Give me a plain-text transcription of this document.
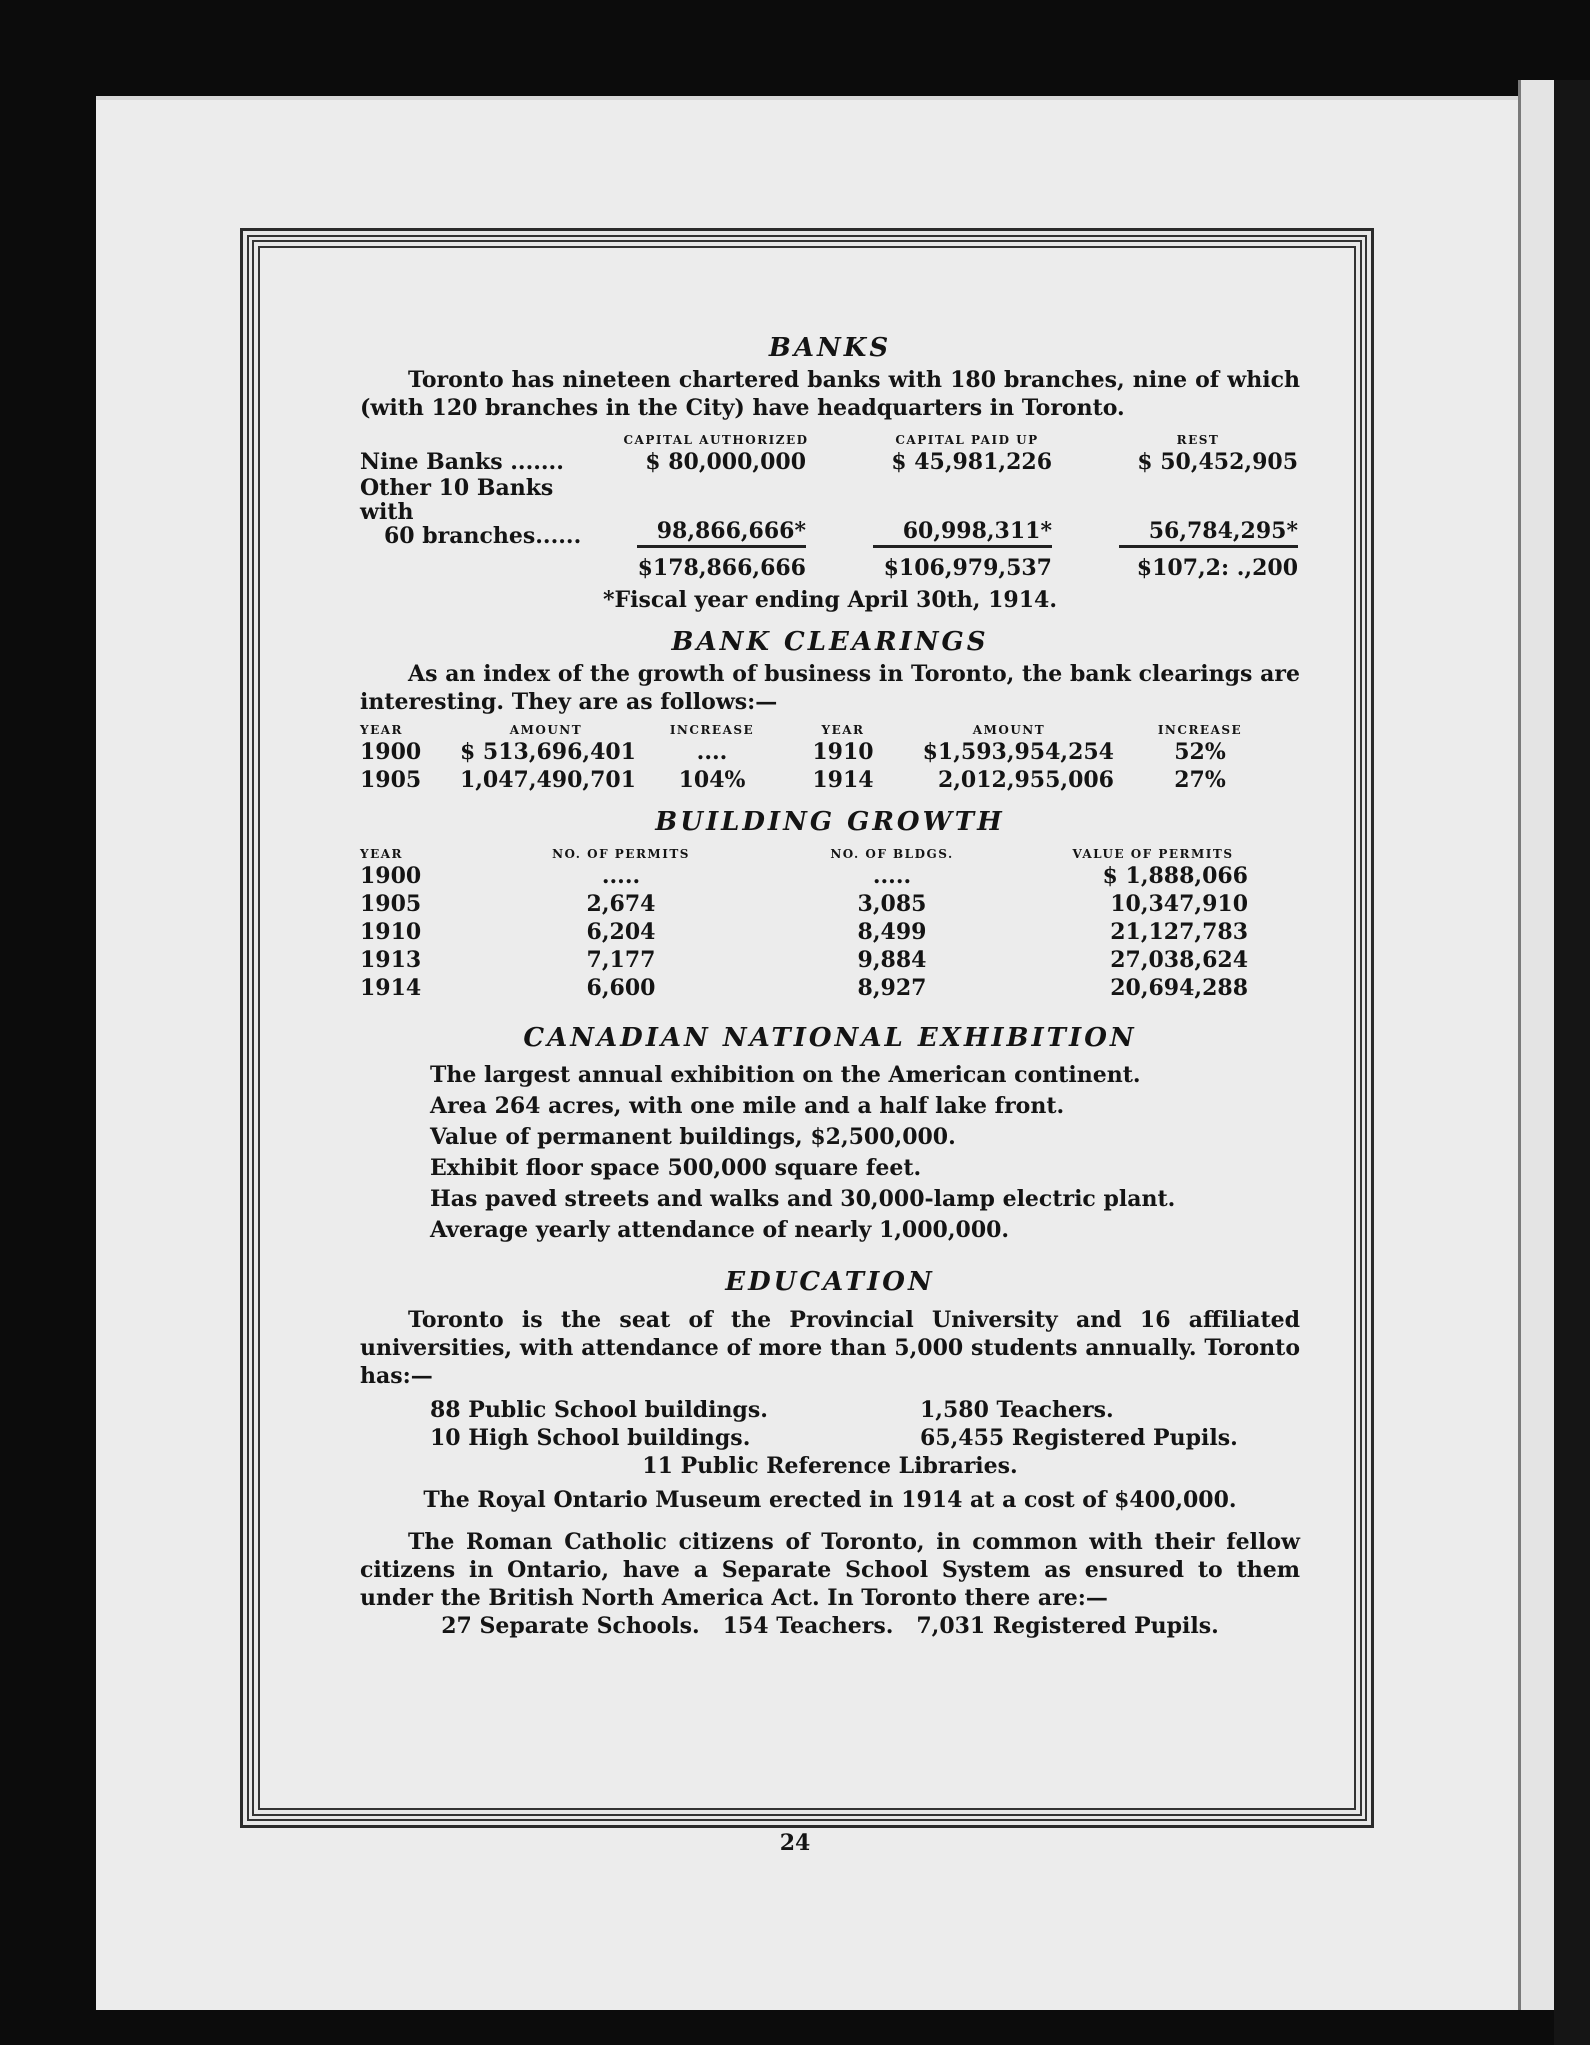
BANKS

Toronto has nineteen chartered banks with 180 branches, nine of which (with 120 branches in the City) have headquarters in Toronto.

CAPITAL AUTHORIZED	CAPITAL PAID UP	REST
Nine Banks .......	$ 80,000,000	$ 45,981,226	$ 50,452,905
Other 10 Banks with
60 branches......	98,866,666*	60,998,311*	56,784,295*
$178,866,666	$106,979,537	$107,2: .,200

*Fiscal year ending April 30th, 1914.

BANK CLEARINGS

As an index of the growth of business in Toronto, the bank clearings are interesting. They are as follows:—

YEAR	AMOUNT	INCREASE	YEAR	AMOUNT	INCREASE
1900	$ 513,696,401	....	1910	$1,593,954,254	52%
1905	1,047,490,701	104%	1914	2,012,955,006	27%
BUILDING GROWTH
YEAR	NO. OF PERMITS	NO. OF BLDGS.	VALUE OF PERMITS
1900	.....	.....	$ 1,888,066
1905	2,674	3,085	10,347,910
1910	6,204	8,499	21,127,783
1913	7,177	9,884	27,038,624
1914	6,600	8,927	20,694,288
CANADIAN NATIONAL EXHIBITION

The largest annual exhibition on the American continent.

Area 264 acres, with one mile and a half lake front.

Value of permanent buildings, $2,500,000.

Exhibit floor space 500,000 square feet.

Has paved streets and walks and 30,000-lamp electric plant.

Average yearly attendance of nearly 1,000,000.

EDUCATION

Toronto is the seat of the Provincial University and 16 affiliated universities, with attendance of more than 5,000 students annually. Toronto has:—

88 Public School buildings.	1,580 Teachers.

10 High School buildings.	65,455 Registered Pupils.

11 Public Reference Libraries.

The Royal Ontario Museum erected in 1914 at a cost of $400,000.

The Roman Catholic citizens of Toronto, in common with their fellow citizens in Ontario, have a Separate School System as ensured to them under the British North America Act. In Toronto there are:—

27 Separate Schools.   154 Teachers.   7,031 Registered Pupils.

24
